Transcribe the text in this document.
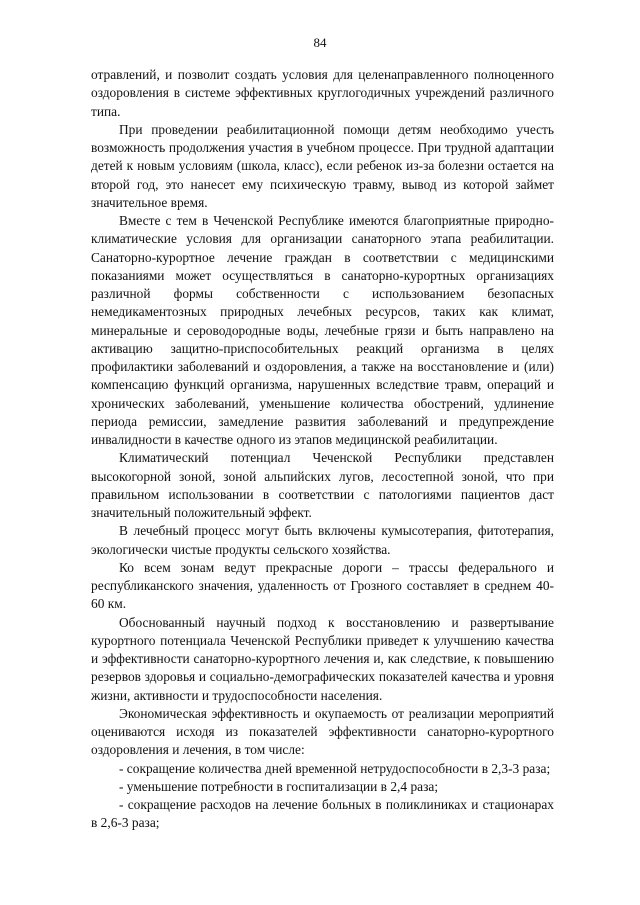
84

отравлений, и позволит создать условия для целенаправленного полноценного оздоровления в системе эффективных круглогодичных учреждений различного типа.

При проведении реабилитационной помощи детям необходимо учесть возможность продолжения участия в учебном процессе. При трудной адаптации детей к новым условиям (школа, класс), если ребенок из-за болезни остается на второй год, это нанесет ему психическую травму, вывод из которой займет значительное время.

Вместе с тем в Чеченской Республике имеются благоприятные природно-климатические условия для организации санаторного этапа реабилитации. Санаторно-курортное лечение граждан в соответствии с медицинскими показаниями может осуществляться в санаторно-курортных организациях различной формы собственности с использованием безопасных немедикаментозных природных лечебных ресурсов, таких как климат, минеральные и сероводородные воды, лечебные грязи и быть направлено на активацию защитно-приспособительных реакций организма в целях профилактики заболеваний и оздоровления, а также на восстановление и (или) компенсацию функций организма, нарушенных вследствие травм, операций и хронических заболеваний, уменьшение количества обострений, удлинение периода ремиссии, замедление развития заболеваний и предупреждение инвалидности в качестве одного из этапов медицинской реабилитации.

Климатический потенциал Чеченской Республики представлен высокогорной зоной, зоной альпийских лугов, лесостепной зоной, что при правильном использовании в соответствии с патологиями пациентов даст значительный положительный эффект.

В лечебный процесс могут быть включены кумысотерапия, фитотерапия, экологически чистые продукты сельского хозяйства.

Ко всем зонам ведут прекрасные дороги – трассы федерального и республиканского значения, удаленность от Грозного составляет в среднем 40-60 км.

Обоснованный научный подход к восстановлению и развертывание курортного потенциала Чеченской Республики приведет к улучшению качества и эффективности санаторно-курортного лечения и, как следствие, к повышению резервов здоровья и социально-демографических показателей качества и уровня жизни, активности и трудоспособности населения.

Экономическая эффективность и окупаемость от реализации мероприятий оцениваются исходя из показателей эффективности санаторно-курортного оздоровления и лечения, в том числе:

- сокращение количества дней временной нетрудоспособности в 2,3-3 раза;

- уменьшение потребности в госпитализации в 2,4 раза;

- сокращение расходов на лечение больных в поликлиниках и стационарах в 2,6-3 раза;
